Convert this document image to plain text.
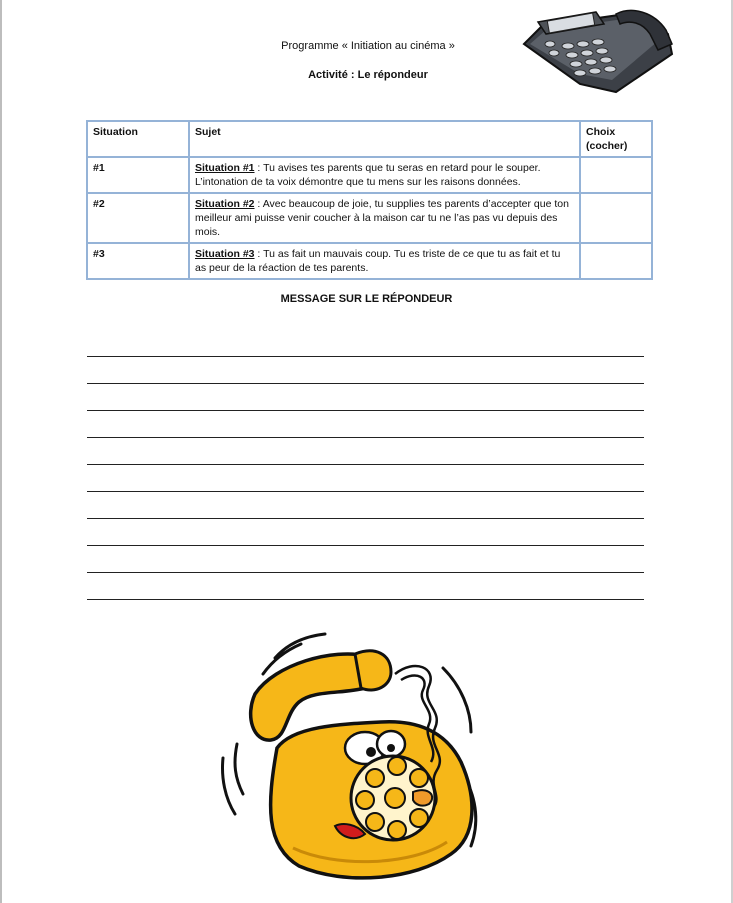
Programme « Initiation au cinéma »
Activité : Le répondeur
Situation	Sujet	Choix (cocher)
#1	Situation #1 : Tu avises tes parents que tu seras en retard pour le souper. L’intonation de ta voix démontre que tu mens sur les raisons données.	
#2	Situation #2 : Avec beaucoup de joie, tu supplies tes parents d’accepter que ton meilleur ami puisse venir coucher à la maison car tu ne l’as pas vu depuis des mois.	
#3	Situation #3 : Tu as fait un mauvais coup. Tu es triste de ce que tu as fait et tu as peur de la réaction de tes parents.	
MESSAGE SUR LE RÉPONDEUR
